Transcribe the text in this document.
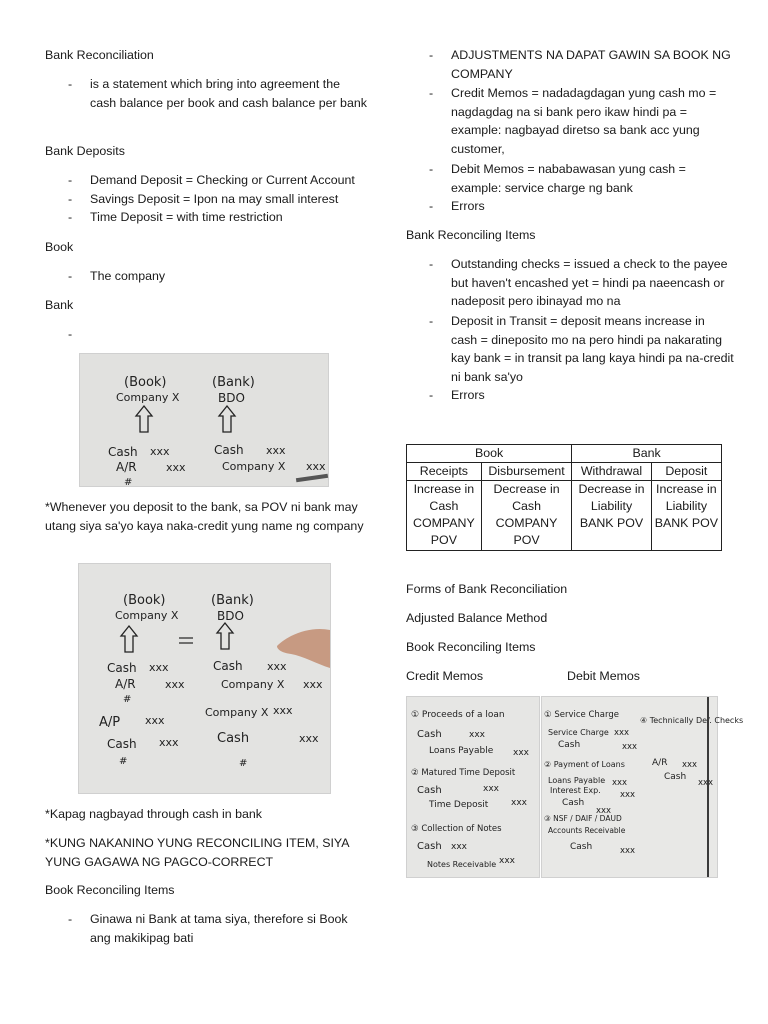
Bank Reconciliation
- is a statement which bring into agreement the cash balance per book and cash balance per bank
Bank Deposits
- Demand Deposit = Checking or Current Account
- Savings Deposit = Ipon na may small interest
- Time Deposit = with time restriction
Book
- The company
Bank
-
(Book)
Company X
(Bank)
BDO
Cash xxx
A/R	xxx
#
Cash xxx
Company X xxx
*Whenever you deposit to the bank, sa POV ni bank may utang siya sa'yo kaya naka-credit yung name ng company
(Book)
Company X
(Bank)
BDO
Cash xxx
A/R	xxx
#
Cash xxx
Company X xxx
A/P xxx
Cash xxx
#
Company X xxx
Cash	xxx
#
*Kapag nagbayad through cash in bank
*KUNG NAKANINO YUNG RECONCILING ITEM, SIYA YUNG GAGAWA NG PAGCO-CORRECT
Book Reconciling Items
- Ginawa ni Bank at tama siya, therefore si Book ang makikipag bati
- ADJUSTMENTS NA DAPAT GAWIN SA BOOK NG COMPANY
- Credit Memos = nadadagdagan yung cash mo = nagdagdag na si bank pero ikaw hindi pa = example: nagbayad diretso sa bank acc yung customer,
- Debit Memos = nababawasan yung cash = example: service charge ng bank
- Errors
Bank Reconciling Items
- Outstanding checks = issued a check to the payee but haven't encashed yet = hindi pa naeencash or nadeposit pero ibinayad mo na
- Deposit in Transit = deposit means increase in cash = dineposito mo na pero hindi pa nakarating kay bank = in transit pa lang kaya hindi pa na-credit ni bank sa'yo
- Errors
Book		Bank	
Receipts	Disbursement	Withdrawal	Deposit
Increase in Cash COMPANY POV	Decrease in Cash COMPANY POV	Decrease in Liability BANK POV	Increase in Liability BANK POV
Forms of Bank Reconciliation
Adjusted Balance Method
Book Reconciling Items
Credit Memos	Debit Memos
① Proceeds of a loan
Cash	xxx
Loans Payable xxx
② Matured Time Deposit
Cash	xxx
Time Deposit	xxx
③ Collection of Notes
Cash xxx
Notes Receivable xxx
① Service Charge
Service Charge xxx
Cash	xxx
② Payment of Loans
Loans Payable xxx
Interest Exp. xxx
Cash
xxx
③ NSF / DAIF / DAUD
Accounts Receivable
Cash	xxx
④ Technically Def. Checks
A/R xxx
Cash
xxx
